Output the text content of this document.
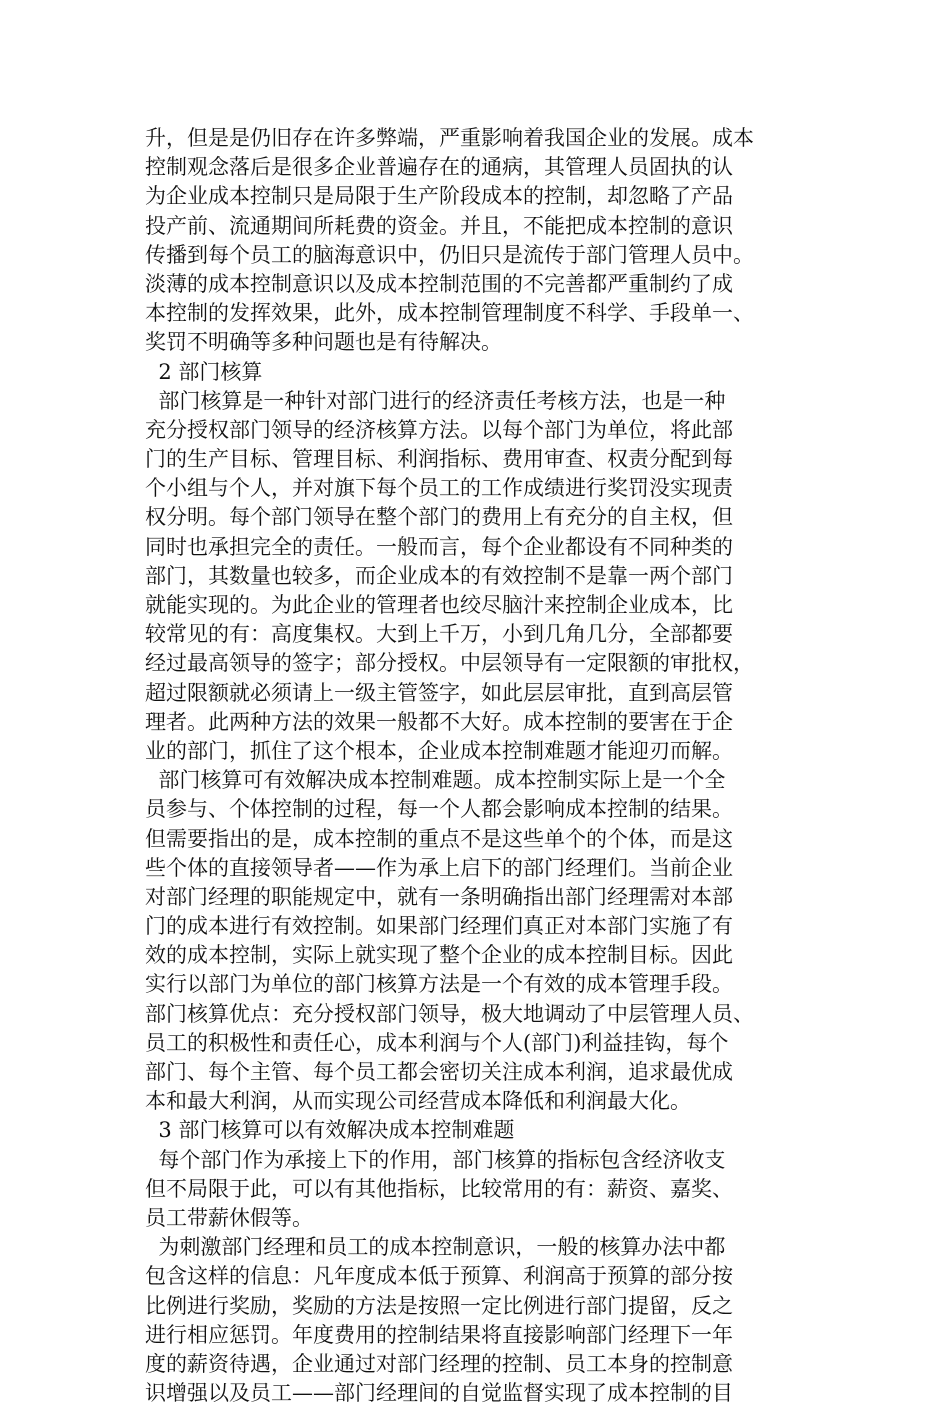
升，但是是仍旧存在许多弊端，严重影响着我国企业的发展。成本
控制观念落后是很多企业普遍存在的通病，其管理人员固执的认
为企业成本控制只是局限于生产阶段成本的控制，却忽略了产品
投产前、流通期间所耗费的资金。并且，不能把成本控制的意识
传播到每个员工的脑海意识中，仍旧只是流传于部门管理人员中。
淡薄的成本控制意识以及成本控制范围的不完善都严重制约了成
本控制的发挥效果，此外，成本控制管理制度不科学、手段单一、
奖罚不明确等多种问题也是有待解决。
2 部门核算
部门核算是一种针对部门进行的经济责任考核方法，也是一种
充分授权部门领导的经济核算方法。以每个部门为单位，将此部
门的生产目标、管理目标、利润指标、费用审查、权责分配到每
个小组与个人，并对旗下每个员工的工作成绩进行奖罚没实现责
权分明。每个部门领导在整个部门的费用上有充分的自主权，但
同时也承担完全的责任。一般而言，每个企业都设有不同种类的
部门，其数量也较多，而企业成本的有效控制不是靠一两个部门
就能实现的。为此企业的管理者也绞尽脑汁来控制企业成本，比
较常见的有：高度集权。大到上千万，小到几角几分，全部都要
经过最高领导的签字；部分授权。中层领导有一定限额的审批权，
超过限额就必须请上一级主管签字，如此层层审批，直到高层管
理者。此两种方法的效果一般都不大好。成本控制的要害在于企
业的部门，抓住了这个根本，企业成本控制难题才能迎刃而解。
部门核算可有效解决成本控制难题。成本控制实际上是一个全
员参与、个体控制的过程，每一个人都会影响成本控制的结果。
但需要指出的是，成本控制的重点不是这些单个的个体，而是这
些个体的直接领导者——作为承上启下的部门经理们。当前企业
对部门经理的职能规定中，就有一条明确指出部门经理需对本部
门的成本进行有效控制。如果部门经理们真正对本部门实施了有
效的成本控制，实际上就实现了整个企业的成本控制目标。因此
实行以部门为单位的部门核算方法是一个有效的成本管理手段。
部门核算优点：充分授权部门领导，极大地调动了中层管理人员、
员工的积极性和责任心，成本利润与个人(部门)利益挂钩，每个
部门、每个主管、每个员工都会密切关注成本利润，追求最优成
本和最大利润，从而实现公司经营成本降低和利润最大化。
3 部门核算可以有效解决成本控制难题
每个部门作为承接上下的作用，部门核算的指标包含经济收支
但不局限于此，可以有其他指标，比较常用的有：薪资、嘉奖、
员工带薪休假等。
为刺激部门经理和员工的成本控制意识，一般的核算办法中都
包含这样的信息：凡年度成本低于预算、利润高于预算的部分按
比例进行奖励，奖励的方法是按照一定比例进行部门提留，反之
进行相应惩罚。年度费用的控制结果将直接影响部门经理下一年
度的薪资待遇，企业通过对部门经理的控制、员工本身的控制意
识增强以及员工——部门经理间的自觉监督实现了成本控制的目
